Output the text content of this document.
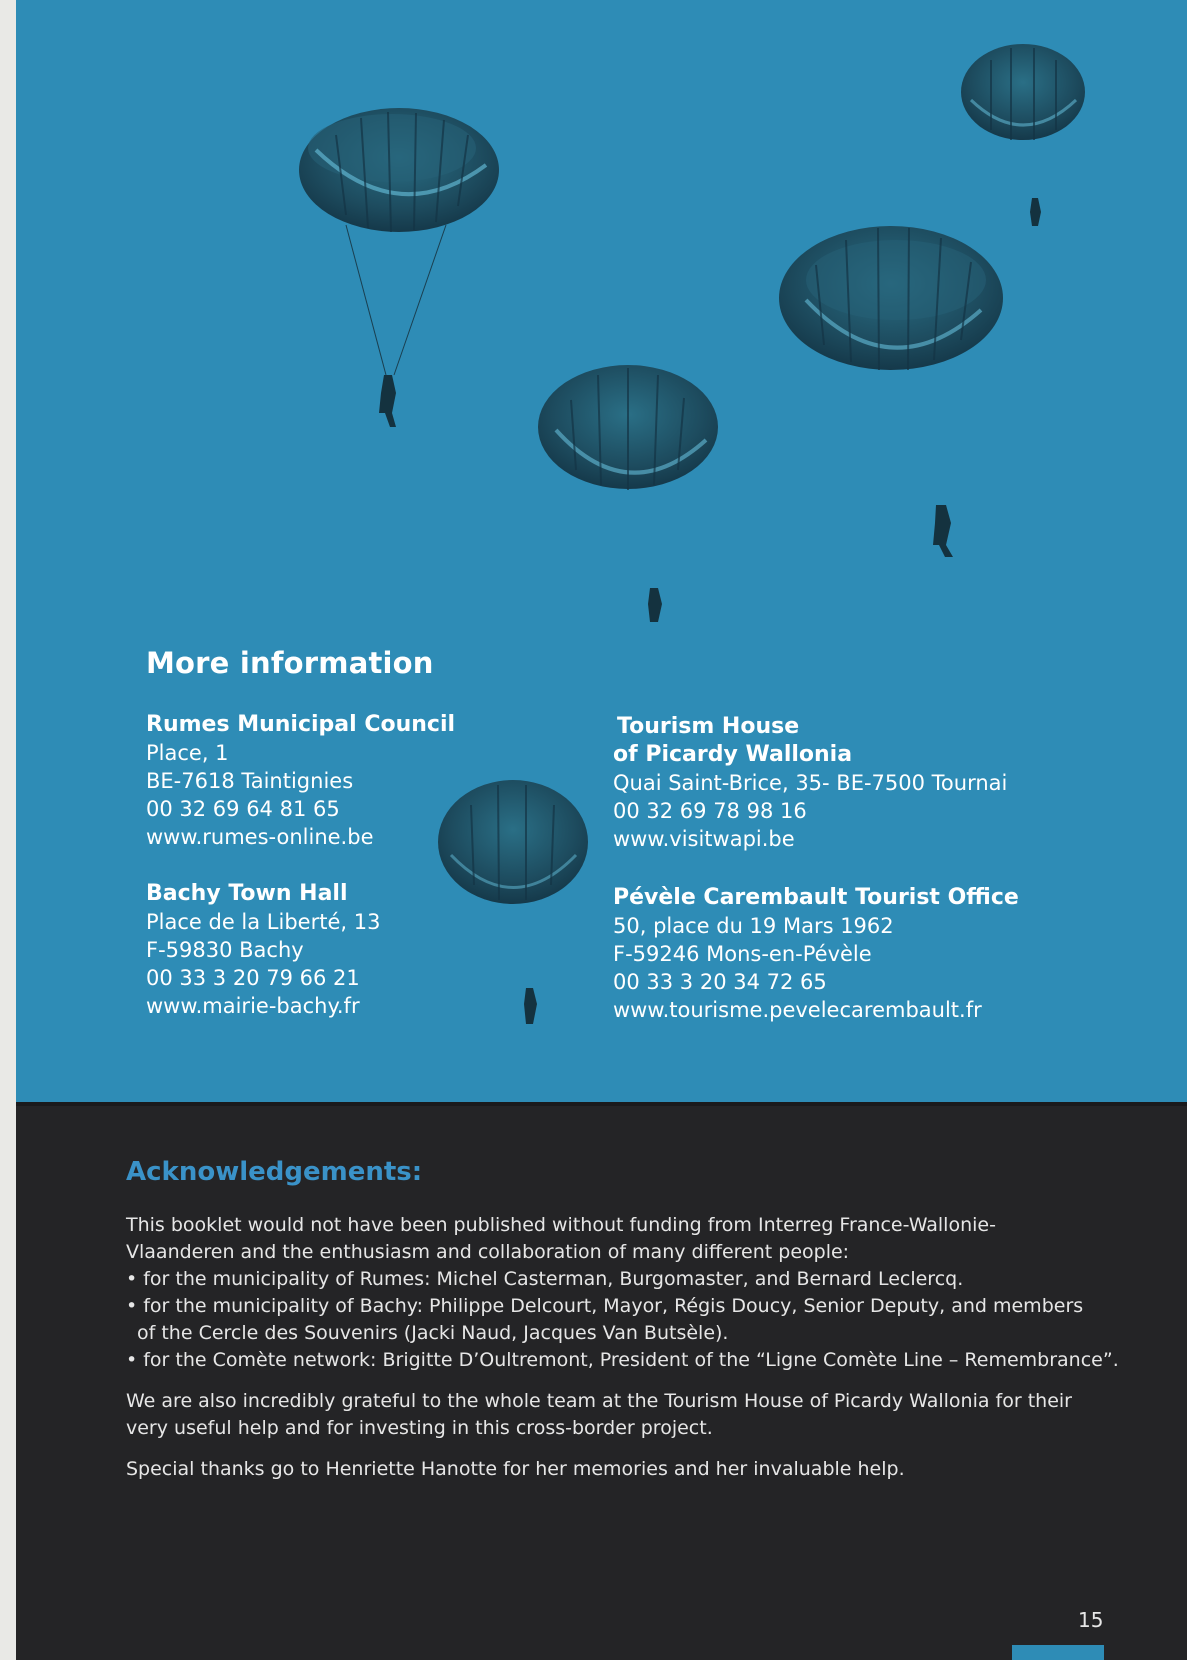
More information
Rumes Municipal Council
Place, 1
BE-7618 Taintignies
00 32 69 64 81 65
www.rumes-online.be
Bachy Town Hall
Place de la Liberté, 13
F-59830 Bachy
00 33 3 20 79 66 21
www.mairie-bachy.fr
Tourism House
of Picardy Wallonia
Quai Saint-Brice, 35- BE-7500 Tournai
00 32 69 78 98 16
www.visitwapi.be
Pévèle Carembault Tourist Office
50, place du 19 Mars 1962
F-59246 Mons-en-Pévèle
00 33 3 20 34 72 65
www.tourisme.pevelecarembault.fr
Acknowledgements:

This booklet would not have been published without funding from Interreg France-Wallonie-

Vlaanderen and the enthusiasm and collaboration of many different people:

• for the municipality of Rumes: Michel Casterman, Burgomaster, and Bernard Leclercq.

• for the municipality of Bachy: Philippe Delcourt, Mayor, Régis Doucy, Senior Deputy, and members

of the Cercle des Souvenirs (Jacki Naud, Jacques Van Butsèle).

• for the Comète network: Brigitte D’Oultremont, President of the “Ligne Comète Line – Remembrance”.

We are also incredibly grateful to the whole team at the Tourism House of Picardy Wallonia for their

very useful help and for investing in this cross-border project.

Special thanks go to Henriette Hanotte for her memories and her invaluable help.

15
